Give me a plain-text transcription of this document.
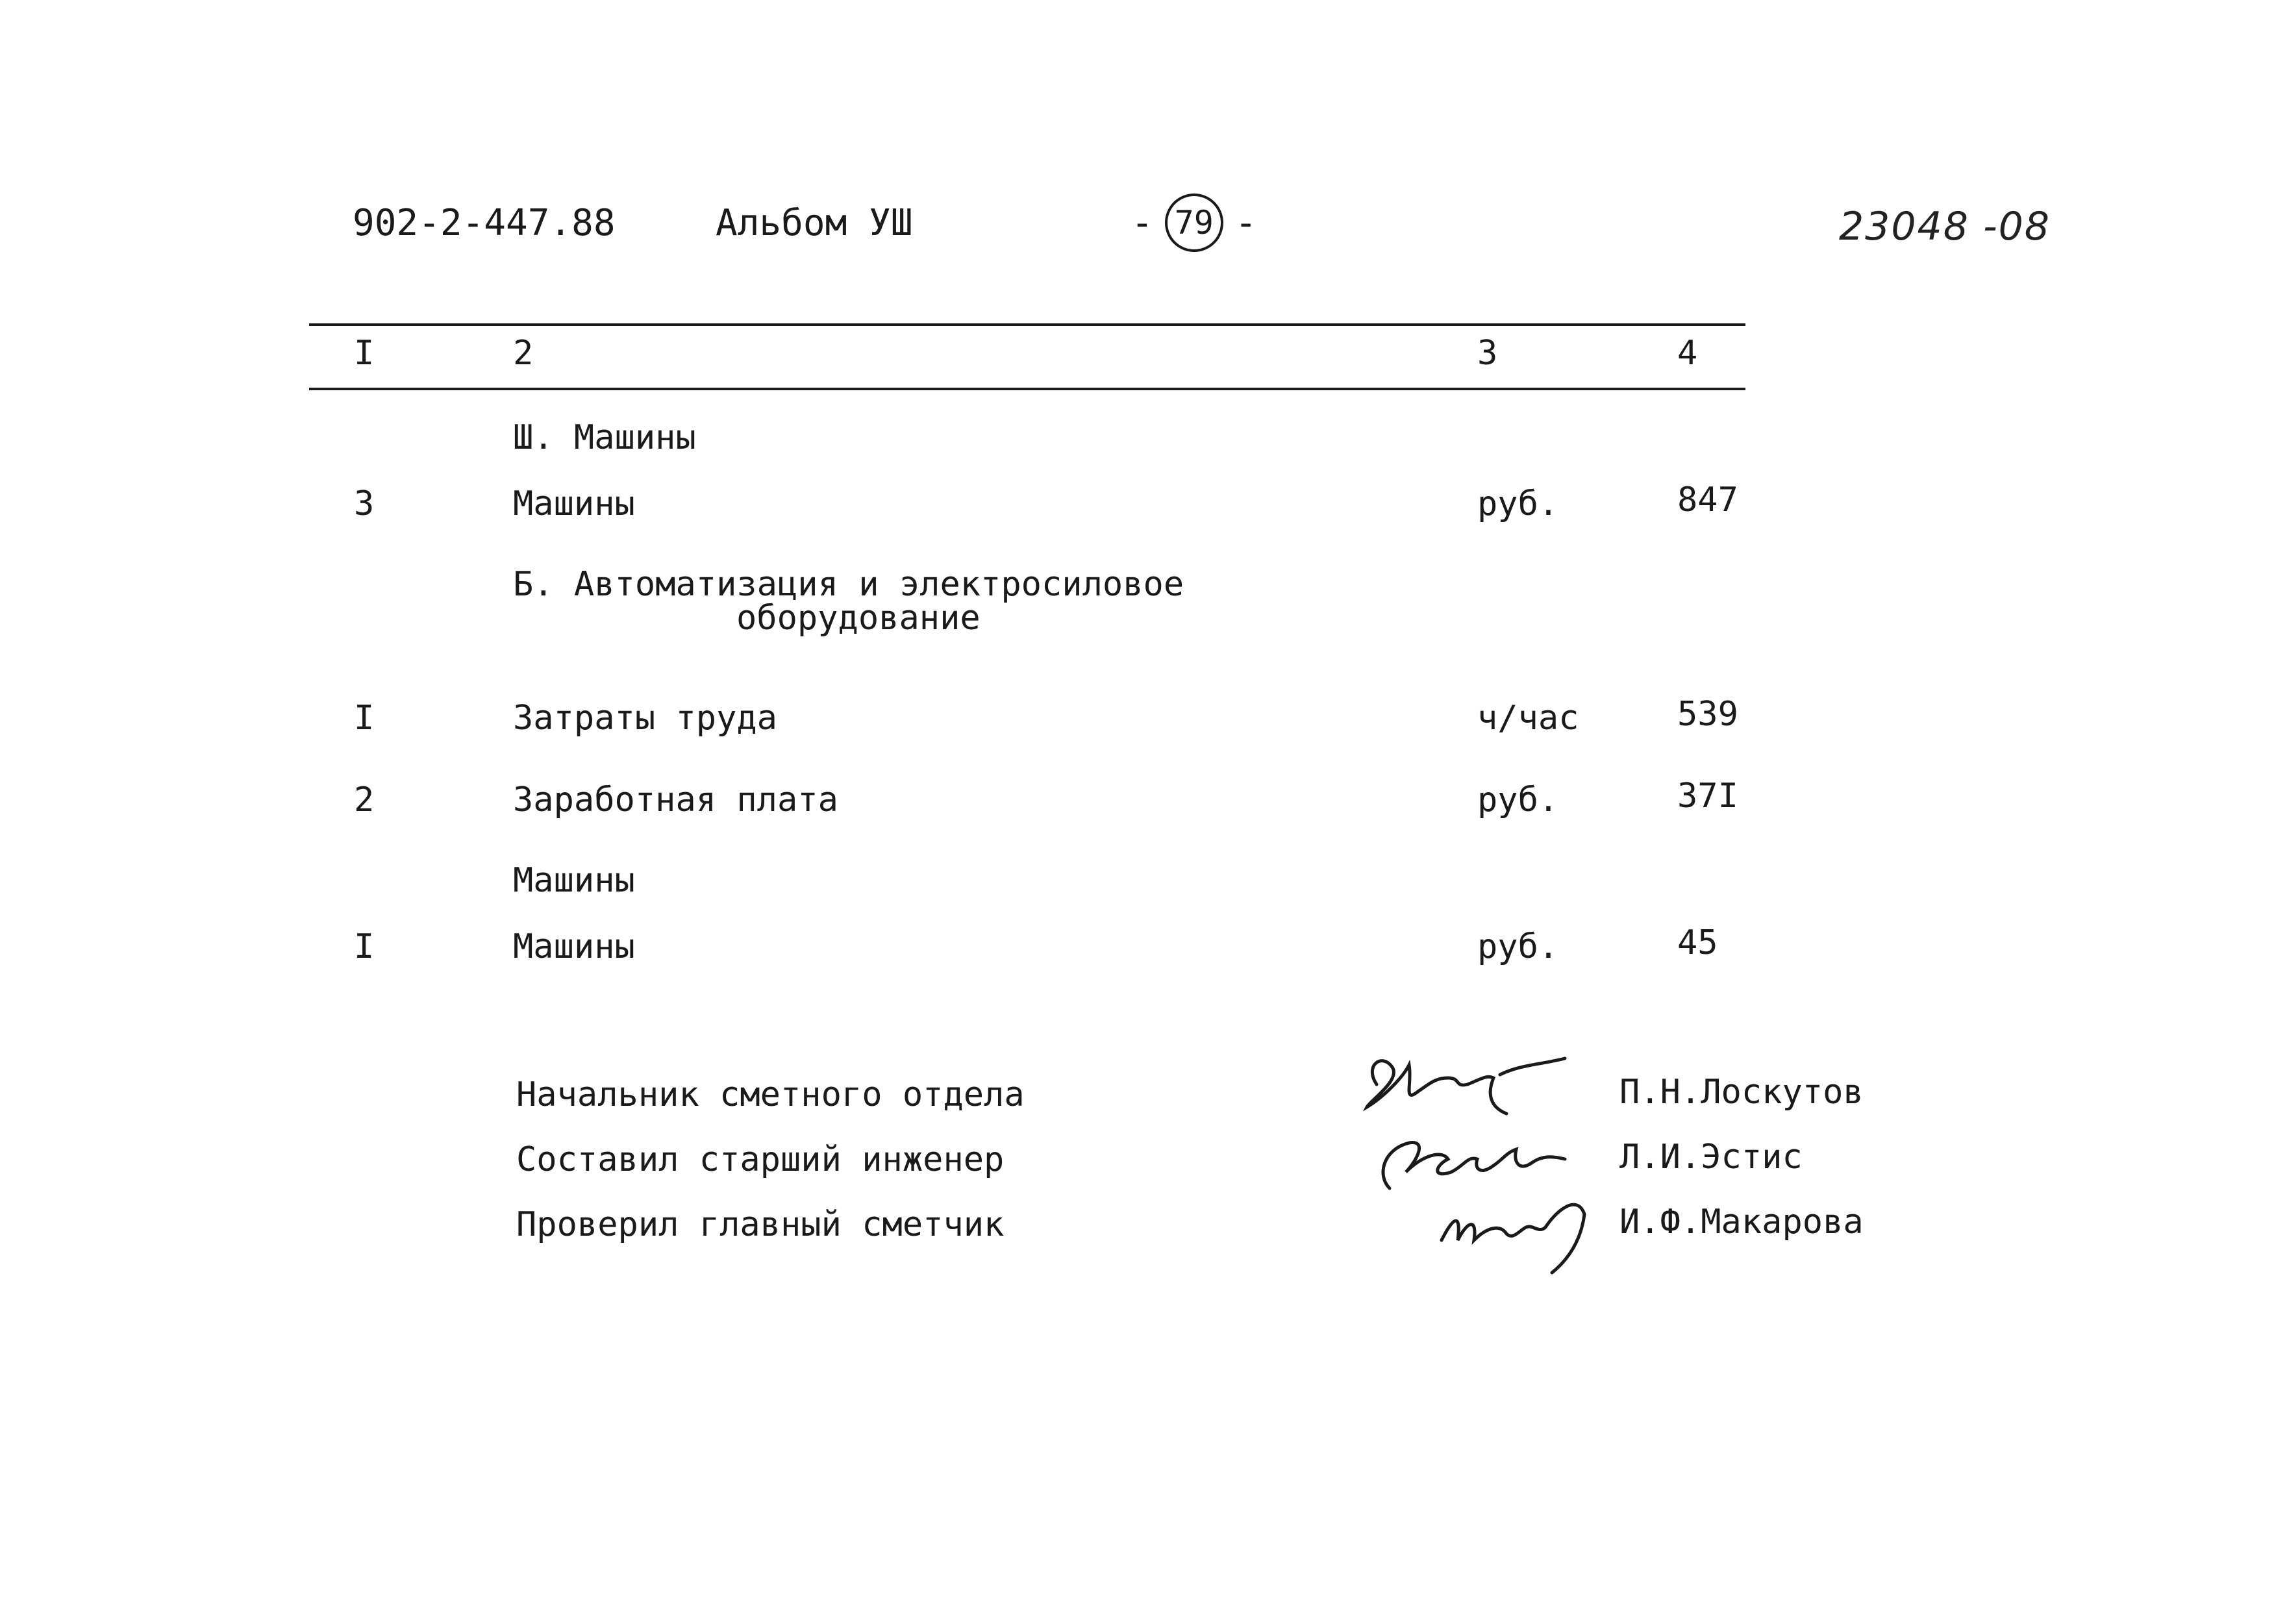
902-2-447.88	Альбом УШ	- 79 -	23048 -08
I	2	3	4
Ш. Машины
3	Машины	руб.	847
Б. Автоматизация и электросиловое
оборудование
I	Затраты труда	ч/час	539
2	Заработная плата	руб.	37I
Машины
I	Машины	руб.	45
Начальник сметного отдела	П.Н.Лоскутов
Составил старший инженер	Л.И.Эстис
Проверил главный сметчик	И.Ф.Макарова
